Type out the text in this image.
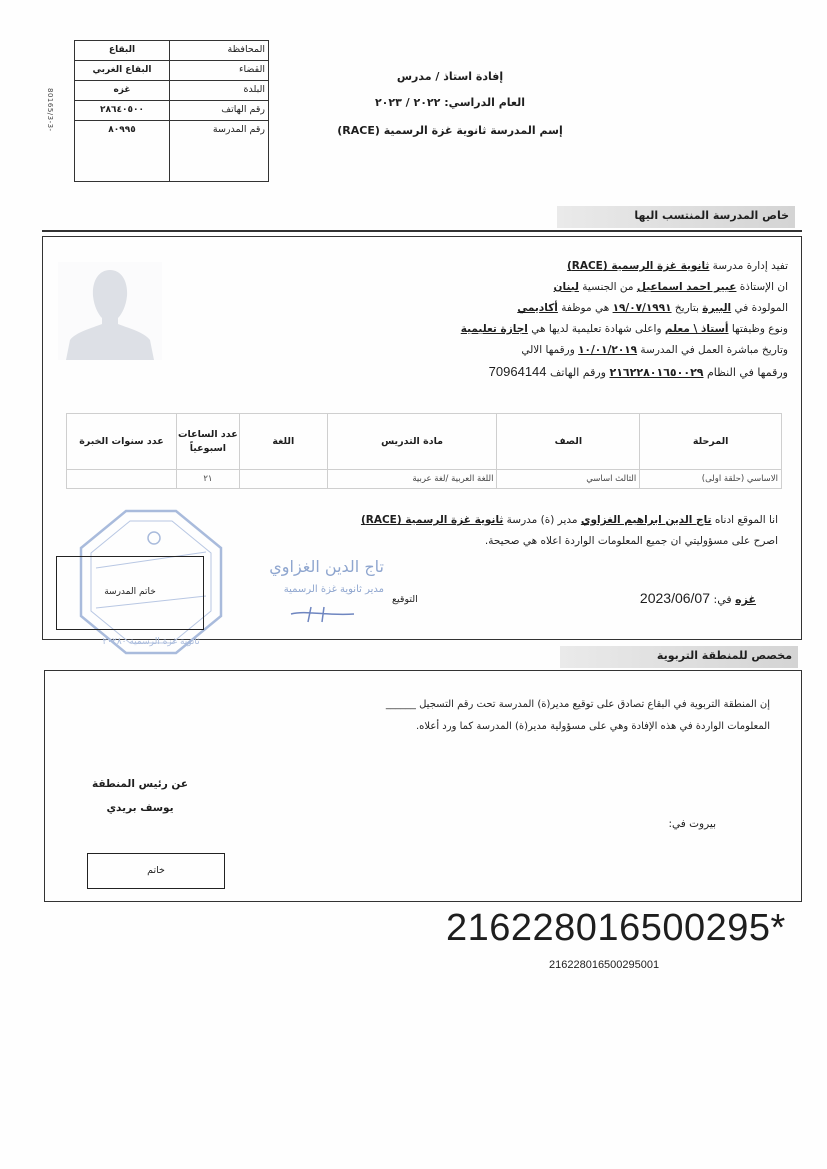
80165/3-3-
البقاع	المحافظة
البقاع الغربي	القضاء
غزه	البلدة
٢٨٦٤٠٥٠٠	رقم الهاتف
٨٠٩٩٥	رقم المدرسة
إفادة استاذ / مدرس
العام الدراسي: ٢٠٢٢ / ٢٠٢٣
إسم المدرسة ثانوية غزة الرسمية (RACE)
خاص المدرسة المنتسب اليها
تفيد إدارة مدرسة ثانوية غزة الرسمية (RACE)
ان الإستاذة عبير احمد اسماعيل من الجنسية لبنان
المولودة في البيرة بتاريخ ١٩/٠٧/١٩٩١ هي موظفة أكاديمي
ونوع وظيفتها أستاذ \ معلم واعلى شهادة تعليمية لديها هي اجازة تعليمية
وتاريخ مباشرة العمل في المدرسة ١٠/٠١/٢٠١٩ ورقمها الالي
ورقمها في النظام ٢١٦٢٢٨٠١٦٥٠٠٢٩ ورقم الهاتف 70964144
المرحلة	الصف	مادة التدريس	اللغة	عدد الساعات اسبوعياً	عدد سنوات الخبرة
الاساسي (حلقة اولى)	الثالث اساسي	اللغة العربية /لغة عربية		٢١	
انا الموقع ادناه تاج الدين ابراهيم الغزاوي مدير (ة) مدرسة ثانوية غزة الرسمية (RACE)
اصرح على مسؤوليتي ان جميع المعلومات الواردة اعلاه هي صحيحة.
غزه في: 2023/06/07
التوقيع
تاج الدين الغزاوي
مدير ثانوية غزة الرسمية
ثانوية غزة الرسمية ٢٠٢٨٠
خاتم المدرسة
مخصص للمنطقة التربوية
إن المنطقة التربوية في البقاع تصادق على توقيع مدير(ة) المدرسة تحت رقم التسجيل ______
المعلومات الواردة في هذه الإفادة وهي على مسؤولية مدير(ة) المدرسة كما ورد أعلاه.
عن رئيس المنطقة
يوسف بريدي
بيروت في:
خاتم
216228016500295*
216228016500295001
